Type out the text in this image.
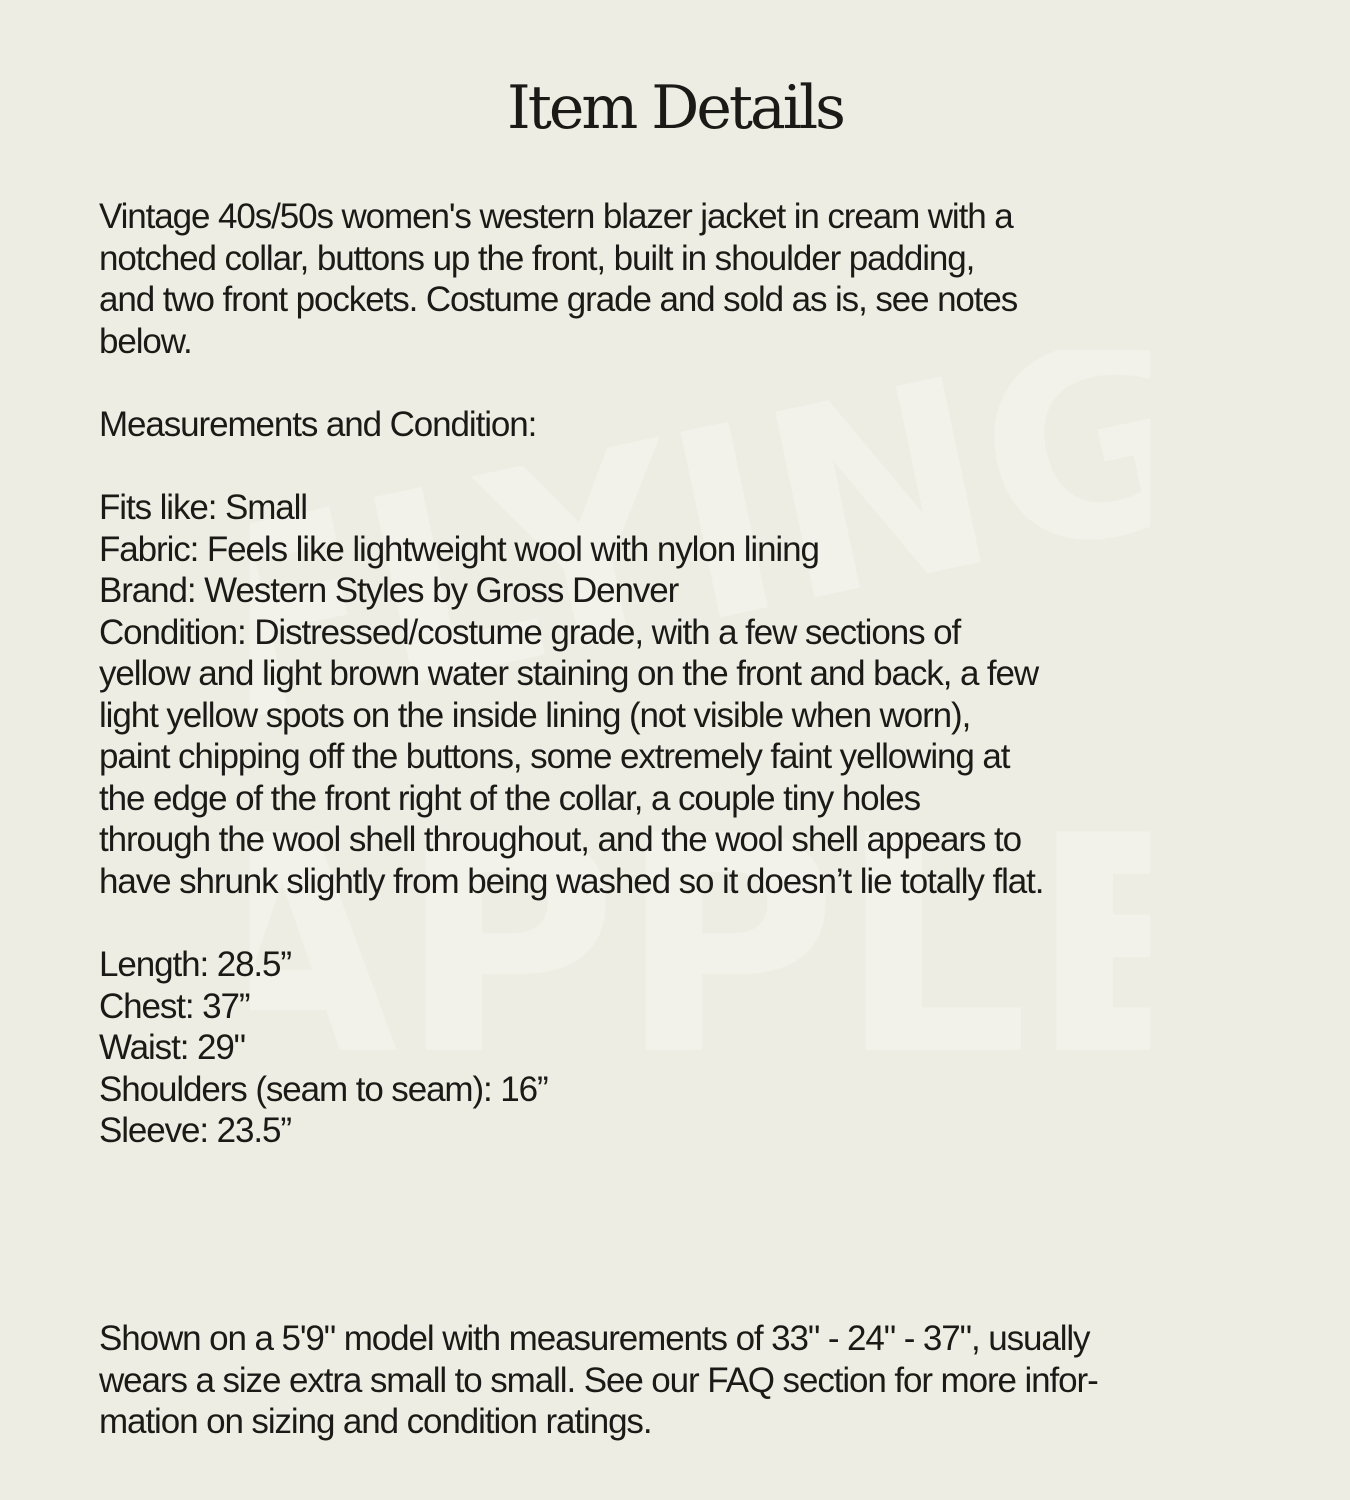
FLYING
APPLE
Item Details
Vintage 40s/50s women's western blazer jacket in cream with a
notched collar, buttons up the front, built in shoulder padding,
and two front pockets. Costume grade and sold as is, see notes
below.
Measurements and Condition:
Fits like: Small
Fabric: Feels like lightweight wool with nylon lining
Brand: Western Styles by Gross Denver
Condition: Distressed/costume grade, with a few sections of
yellow and light brown water staining on the front and back, a few
light yellow spots on the inside lining (not visible when worn),
paint chipping off the buttons, some extremely faint yellowing at
the edge of the front right of the collar, a couple tiny holes
through the wool shell throughout, and the wool shell appears to
have shrunk slightly from being washed so it doesn’t lie totally flat.
Length: 28.5”
Chest: 37”
Waist: 29"
Shoulders (seam to seam): 16”
Sleeve: 23.5”
Shown on a 5'9" model with measurements of 33" - 24" - 37", usually
wears a size extra small to small. See our FAQ section for more infor-
mation on sizing and condition ratings.
